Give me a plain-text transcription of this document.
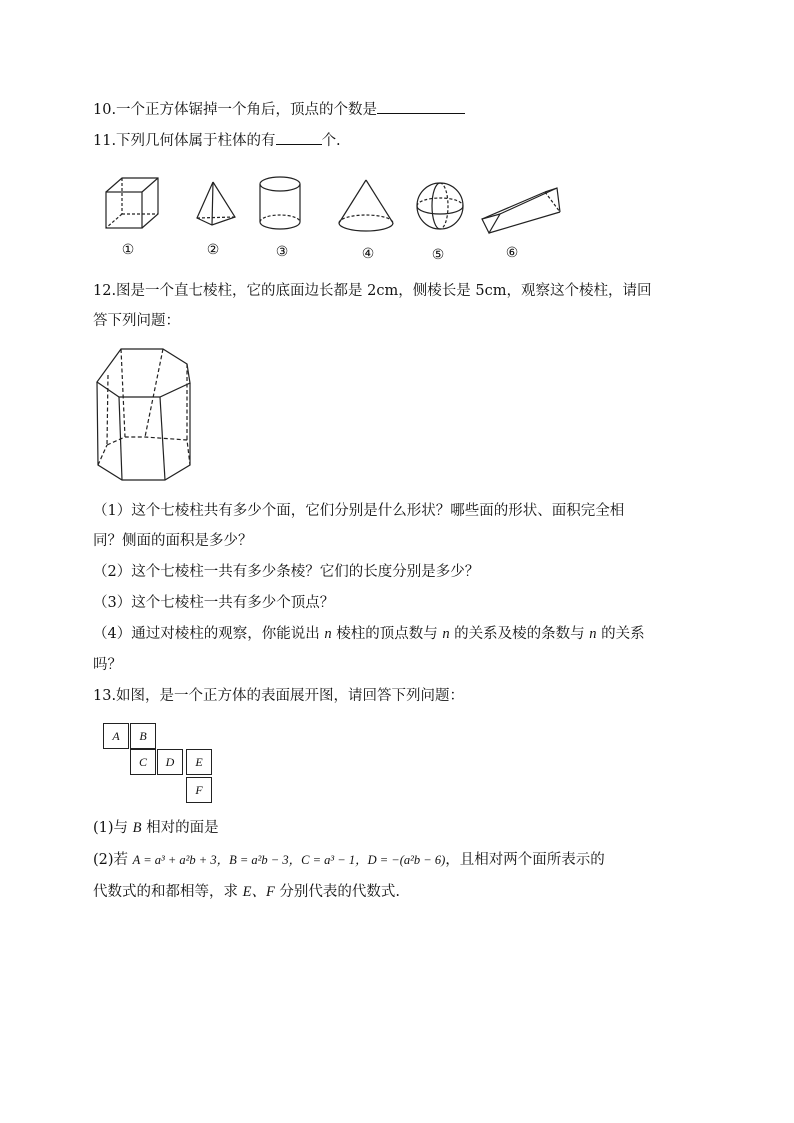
10.一个正方体锯掉一个角后，顶点的个数是
11.下列几何体属于柱体的有	个.
①	②	③	④	⑤	⑥
12.图是一个直七棱柱，它的底面边长都是 2cm，侧棱长是 5cm，观察这个棱柱，请回
答下列问题：
（1）这个七棱柱共有多少个面，它们分别是什么形状？哪些面的形状、面积完全相
同？侧面的面积是多少？
（2）这个七棱柱一共有多少条棱？它们的长度分别是多少？
（3）这个七棱柱一共有多少个顶点？
（4）通过对棱柱的观察，你能说出 n 棱柱的顶点数与 n 的关系及棱的条数与 n 的关系
吗？
13.如图，是一个正方体的表面展开图，请回答下列问题：
A	B
C	D	E
F
(1)与 B 相对的面是
(2)若 A = a³ + a²b + 3，B = a²b − 3，C = a³ − 1，D = −(a²b − 6)，且相对两个面所表示的
代数式的和都相等，求 E、F 分别代表的代数式.
